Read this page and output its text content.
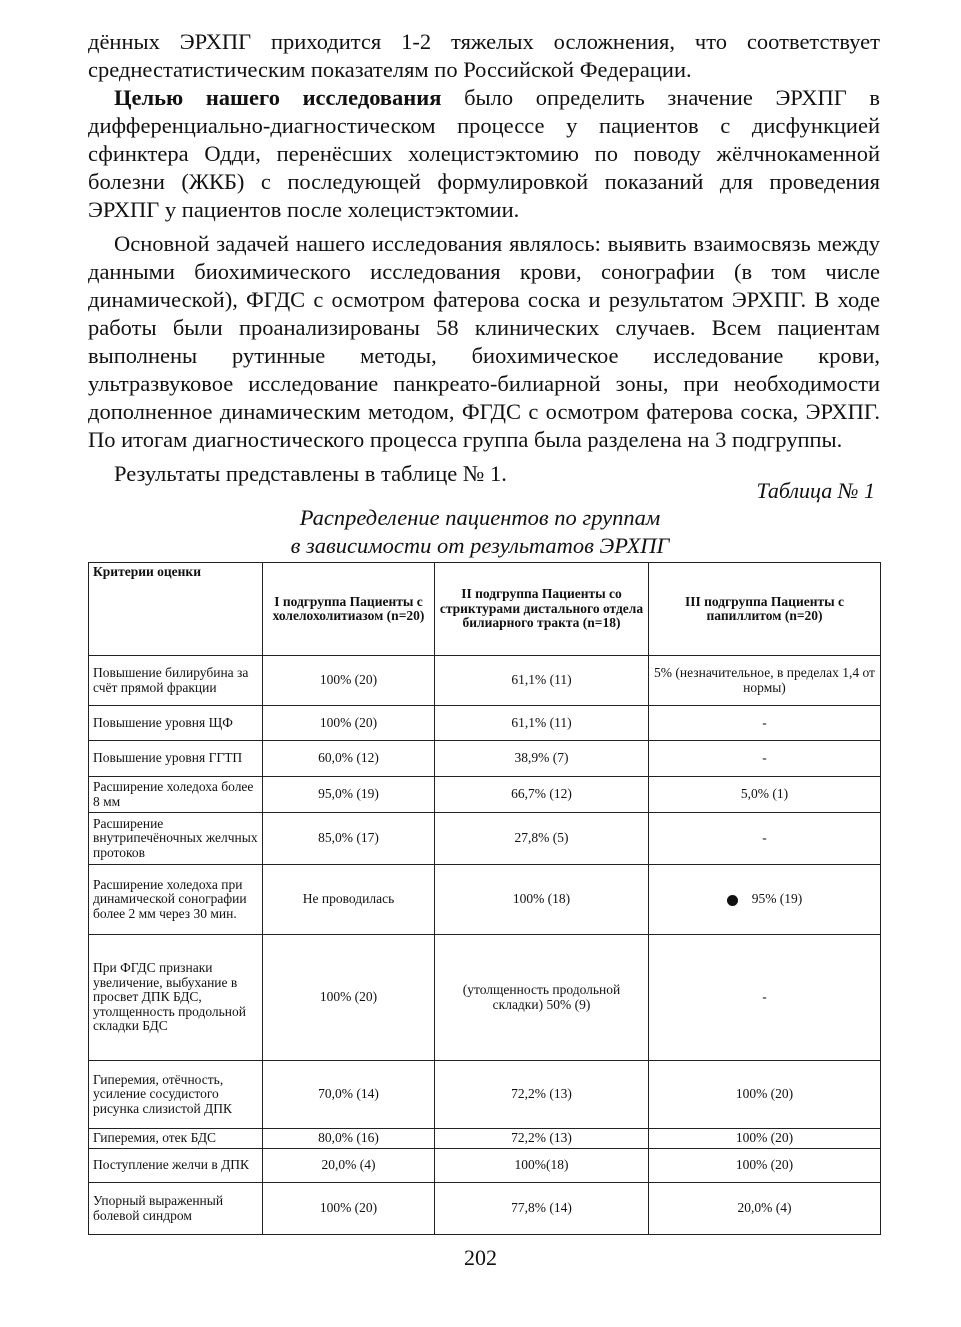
дённых ЭРХПГ приходится 1-2 тяжелых осложнения, что соответствует среднестатистическим показателям по Российской Федерации.

Целью нашего исследования было определить значение ЭРХПГ в дифференциально-диагностическом процессе у пациентов с дисфункцией сфинктера Одди, перенёсших холецистэктомию по поводу жёлчнокаменной болезни (ЖКБ) с последующей формулировкой показаний для проведения ЭРХПГ у пациентов после холецистэктомии.

Основной задачей нашего исследования являлось: выявить взаимосвязь между данными биохимического исследования крови, сонографии (в том числе динамической), ФГДС с осмотром фатерова соска и результатом ЭРХПГ. В ходе работы были проанализированы 58 клинических случаев. Всем пациентам выполнены рутинные методы, биохимическое исследование крови, ультразвуковое исследование панкреато-билиарной зоны, при необходимости дополненное динамическим методом, ФГДС с осмотром фатерова соска, ЭРХПГ. По итогам диагностического процесса группа была разделена на 3 подгруппы.

Результаты представлены в таблице № 1.

Таблица № 1
Распределение пациентов по группам
в зависимости от результатов ЭРХПГ
Критерии оценки	I подгруппа Пациенты с холелохолитиазом (n=20)	II подгруппа Пациенты со стриктурами дистального отдела билиарного тракта (n=18)	III подгруппа Пациенты с папиллитом (n=20)
Повышение билирубина за счёт прямой фракции	100% (20)	61,1% (11)	5% (незначительное, в пределах 1,4 от нормы)
Повышение уровня ЩФ	100% (20)	61,1% (11)	-
Повышение уровня ГГТП	60,0% (12)	38,9% (7)	-
Расширение холедоха более 8 мм	95,0% (19)	66,7% (12)	5,0% (1)
Расширение внутрипечёночных желчных протоков	85,0% (17)	27,8% (5)	-
Расширение холедоха при динамической сонографии более 2 мм через 30 мин.	Не проводилась	100% (18)	95% (19)
При ФГДС признаки увеличение, выбухание в просвет ДПК БДС, утолщенность продольной складки БДС	100% (20)	(утолщенность продольной складки) 50% (9)	-
Гиперемия, отёчность, усиление сосудистого рисунка слизистой ДПК	70,0% (14)	72,2% (13)	100% (20)
Гиперемия, отек БДС	80,0% (16)	72,2% (13)	100% (20)
Поступление желчи в ДПК	20,0% (4)	100%(18)	100% (20)
Упорный выраженный болевой синдром	100% (20)	77,8% (14)	20,0% (4)
202
